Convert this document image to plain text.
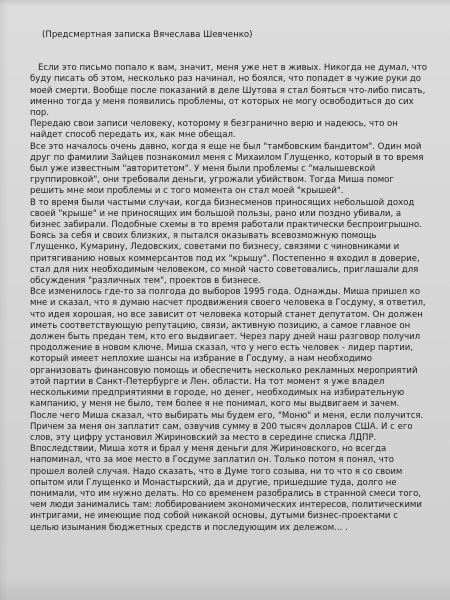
(Предсмертная записка Вячеслава Шевченко)
Если это письмо попало к вам, значит, меня уже нет в живых. Никогда не думал, что
буду писать об этом, несколько раз начинал, но боялся, что попадет в чужие руки до
моей смерти. Вообще после показаний в деле Шутова я стал бояться что-либо писать,
именно тогда у меня появились проблемы, от которых не могу освободиться до сих
пор.
Передаю свои записи человеку, которому я безграничнo верю и надеюсь, что он
найдет способ передать их, как мне обещал.
Все это началось очень давно, когда я еще не был "тамбовским бандитом". Один мой
друг по фамилии Зайцев познакомил меня с Михаилом Глущенко, который в то время
был уже известным "авторитетом". У меня были проблемы с "малышевской
группировкой", они требовали деньги, угрожали убийством. Тогда Миша помог
решить мне мои проблемы и с того момента он стал моей "крышей".
В то время были частыми случаи, когда бизнесменов приносящих небольшой доход
своей "крыше" и не приносящих им большой пользы, рано или поздно убивали, а
бизнес забирали. Подобные схемы в то время работали практически беспроигрышно.
Боясь за себя и своих близких, я пытался оказывать всевозможную помощь
Глущенко, Кумарину, Ледовских, советами по бизнесу, связями с чиновниками и
притягиванию новых коммерсантов под их "крышу". Постепенно я входил в доверие,
стал для них необходимым человеком, со мной часто советовались, приглашали для
обсуждения "различных тем", проектов в бизнесе.
Все изменилось где-то за полгода до выборов 1995 года. Однажды. Миша пришел ко
мне и сказал, что я думаю насчет продвижения своего человека в Госдуму, я ответил,
что идея хорошая, но все зависит от человека который станет депутатом. Он должен
иметь соответствующую репутацию, связи, активную позицию, а самое главное он
должен быть предан тем, кто его выдвигает. Через пару дней наш разговор получил
продолжение в новом ключе. Миша сказал, что у него есть человек - лидер партии,
который имеет неплохие шансы на избрание в Госдуму, а нам необходимо
организовать финансовую помощь и обеспечить несколько рекламных мероприятий
этой партии в Санкт-Петербурге и Лен. области. На тот момент я уже владел
несколькими предприятиями в городе, но денег, необходимых на избирательную
кампанию, у меня не было, тем более я не понимал, кого мы выдвигаем и зачем.
После чего Миша сказал, что выбирать мы будем его, "Моню" и меня, если получится.
Причем за меня он заплатит сам, озвучив сумму в 200 тысяч долларов США. И с его
слов, эту цифру установил Жириновский за место в середине списка ЛДПР.
Впоследствии, Миша хотя и брал у меня деньги для Жириновского, но всегда
напоминал, что за мое место в Госдуме заплатил он. Только потом я понял, что
прошел волей случая. Надо сказать, что в Думе того созыва, ни то что я со своим
опытом или Глущенко и Монастырский, да и другие, пришедшие туда, долго не
понимали, что им нужно делать. Но со временем разобрались в странной смеси того,
чем люди занимались там: лоббированием экономических интересов, политическими
интригами, не имеющие под собой никакой основы, дутыми бизнес-проектами с
целью изымания бюджетных средств и последующим их дележом... .
